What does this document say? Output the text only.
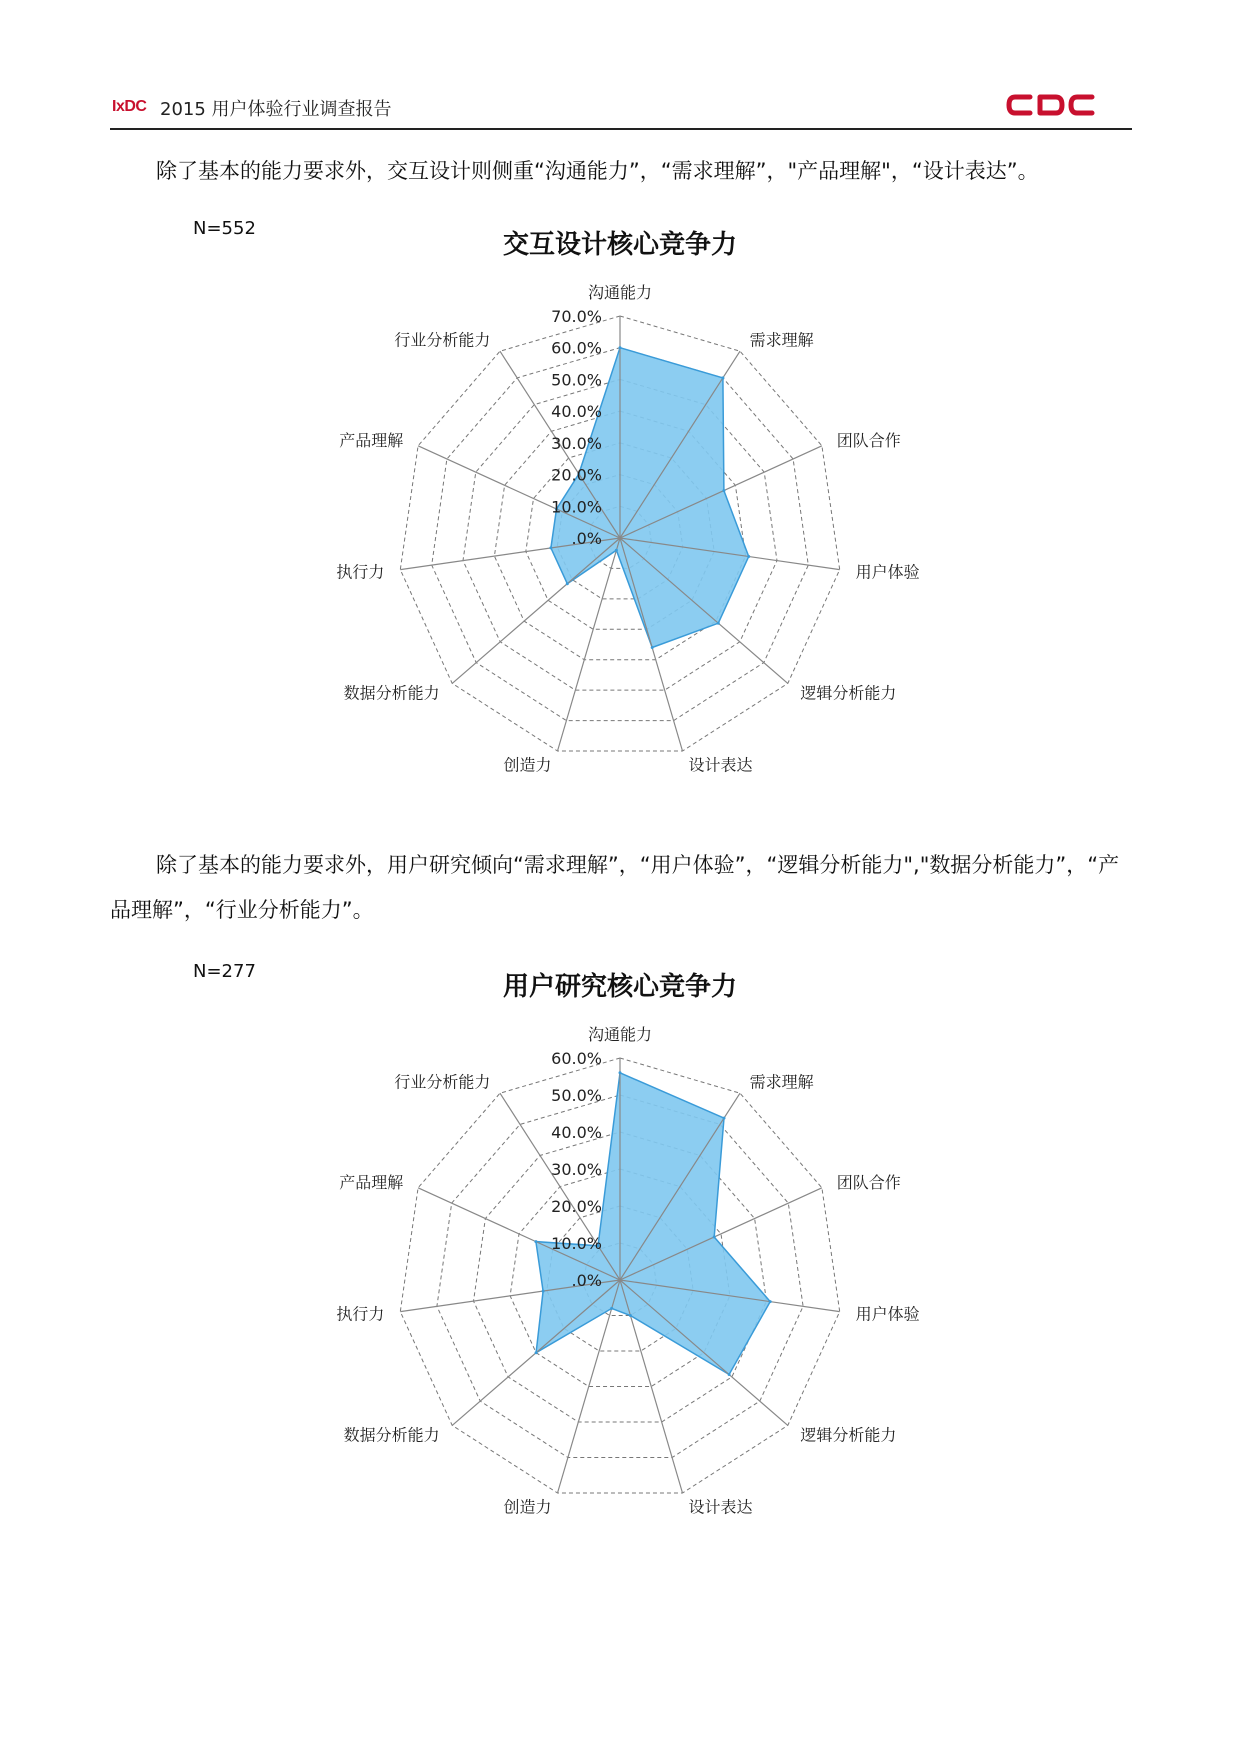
IxDC 2015 用户体验行业调查报告
除了基本的能力要求外，交互设计则侧重“沟通能力”，“需求理解”，"产品理解"，“设计表达”。
除了基本的能力要求外，用户研究倾向“需求理解”，“用户体验”，“逻辑分析能力","数据分析能力”，“产品理解”，“行业分析能力”。
N=552
交互设计核心竞争力
N=277
用户研究核心竞争力
.0%
10.0%
20.0%
30.0%
40.0%
50.0%
60.0%
70.0%
沟通能力
需求理解
团队合作
用户体验
逻辑分析能力
设计表达
创造力
数据分析能力
执行力
产品理解
行业分析能力
.0%
10.0%
20.0%
30.0%
40.0%
50.0%
60.0%
沟通能力
需求理解
团队合作
用户体验
逻辑分析能力
设计表达
创造力
数据分析能力
执行力
产品理解
行业分析能力
